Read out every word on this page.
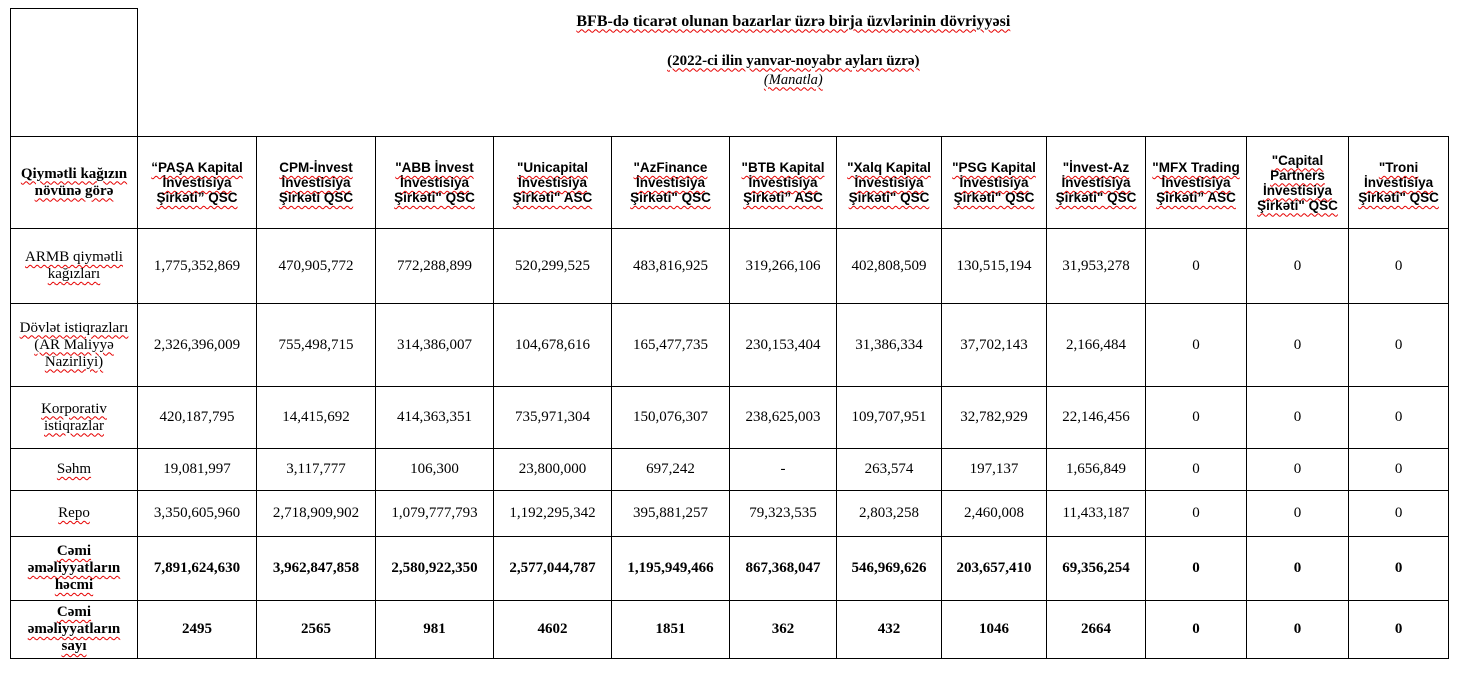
	BFB-də ticarət olunan bazarlar üzrə birja üzvlərinin dövriyyəsi
(2022-ci ilin yanvar-noyabr ayları üzrə)
(Manatla)											

Qiymətli kağızın növünə görə	“PAŞA Kapital İnvestisiya Şirkəti” QSC	CPM-İnvest İnvestisiya Şirkəti QSC	"ABB İnvest İnvestisiya Şirkəti" QSC	"Unicapital İnvestisiya Şirkəti" ASC	"AzFinance İnvestisiya Şirkəti" QSC	"BTB Kapital İnvestisiya Şirkəti” ASC	"Xalq Kapital İnvestisiya Şirkəti" QSC	"PSG Kapital İnvestisiya Şirkəti" QSC	"İnvest-Az İnvestisiya Şirkəti" QSC	"MFX Trading İnvestisiya Şirkəti” ASC	"Capital Partners İnvestisiya Şirkəti" QSC	"Troni İnvestisiya Şirkəti" QSC
ARMB qiymətli kağızları	1,775,352,869	470,905,772	772,288,899	520,299,525	483,816,925	319,266,106	402,808,509	130,515,194	31,953,278	0	0	0
Dövlət istiqrazları (AR Maliyyə Nazirliyi)	2,326,396,009	755,498,715	314,386,007	104,678,616	165,477,735	230,153,404	31,386,334	37,702,143	2,166,484	0	0	0
Korporativ istiqrazlar	420,187,795	14,415,692	414,363,351	735,971,304	150,076,307	238,625,003	109,707,951	32,782,929	22,146,456	0	0	0
Səhm	19,081,997	3,117,777	106,300	23,800,000	697,242	-	263,574	197,137	1,656,849	0	0	0
Repo	3,350,605,960	2,718,909,902	1,079,777,793	1,192,295,342	395,881,257	79,323,535	2,803,258	2,460,008	11,433,187	0	0	0
Cəmi əməliyyatların həcmi	7,891,624,630	3,962,847,858	2,580,922,350	2,577,044,787	1,195,949,466	867,368,047	546,969,626	203,657,410	69,356,254	0	0	0
Cəmi əməliyyatların sayı	2495	2565	981	4602	1851	362	432	1046	2664	0	0	0
